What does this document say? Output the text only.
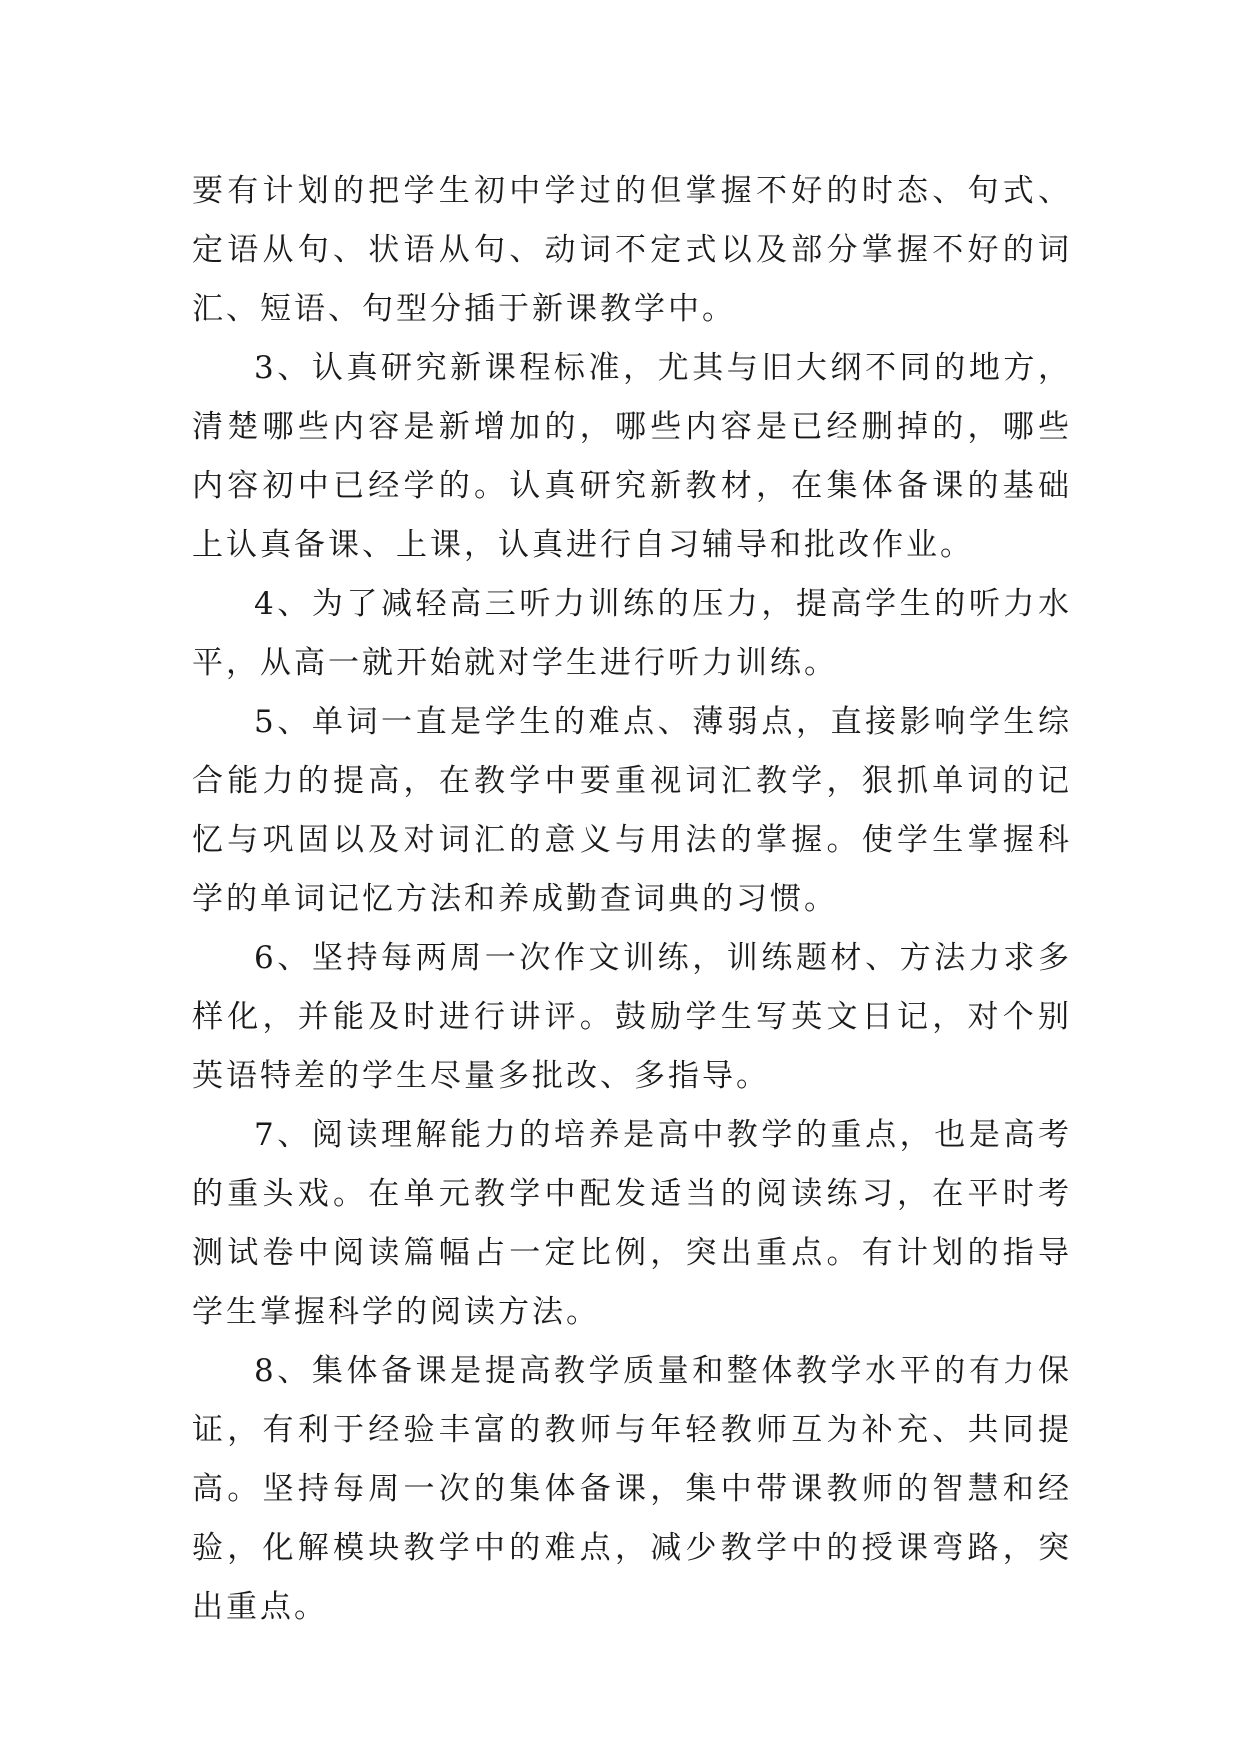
要有计划的把学生初中学过的但掌握不好的时态、句式、定语从句、状语从句、动词不定式以及部分掌握不好的词汇、短语、句型分插于新课教学中。

3、认真研究新课程标准，尤其与旧大纲不同的地方，清楚哪些内容是新增加的，哪些内容是已经删掉的，哪些内容初中已经学的。认真研究新教材，在集体备课的基础上认真备课、上课，认真进行自习辅导和批改作业。

4、为了减轻高三听力训练的压力，提高学生的听力水平，从高一就开始就对学生进行听力训练。

5、单词一直是学生的难点、薄弱点，直接影响学生综合能力的提高，在教学中要重视词汇教学，狠抓单词的记忆与巩固以及对词汇的意义与用法的掌握。使学生掌握科学的单词记忆方法和养成勤查词典的习惯。

6、坚持每两周一次作文训练，训练题材、方法力求多样化，并能及时进行讲评。鼓励学生写英文日记，对个别英语特差的学生尽量多批改、多指导。

7、阅读理解能力的培养是高中教学的重点，也是高考的重头戏。在单元教学中配发适当的阅读练习，在平时考测试卷中阅读篇幅占一定比例，突出重点。有计划的指导学生掌握科学的阅读方法。

8、集体备课是提高教学质量和整体教学水平的有力保证，有利于经验丰富的教师与年轻教师互为补充、共同提高。坚持每周一次的集体备课，集中带课教师的智慧和经验，化解模块教学中的难点，减少教学中的授课弯路，突出重点。
